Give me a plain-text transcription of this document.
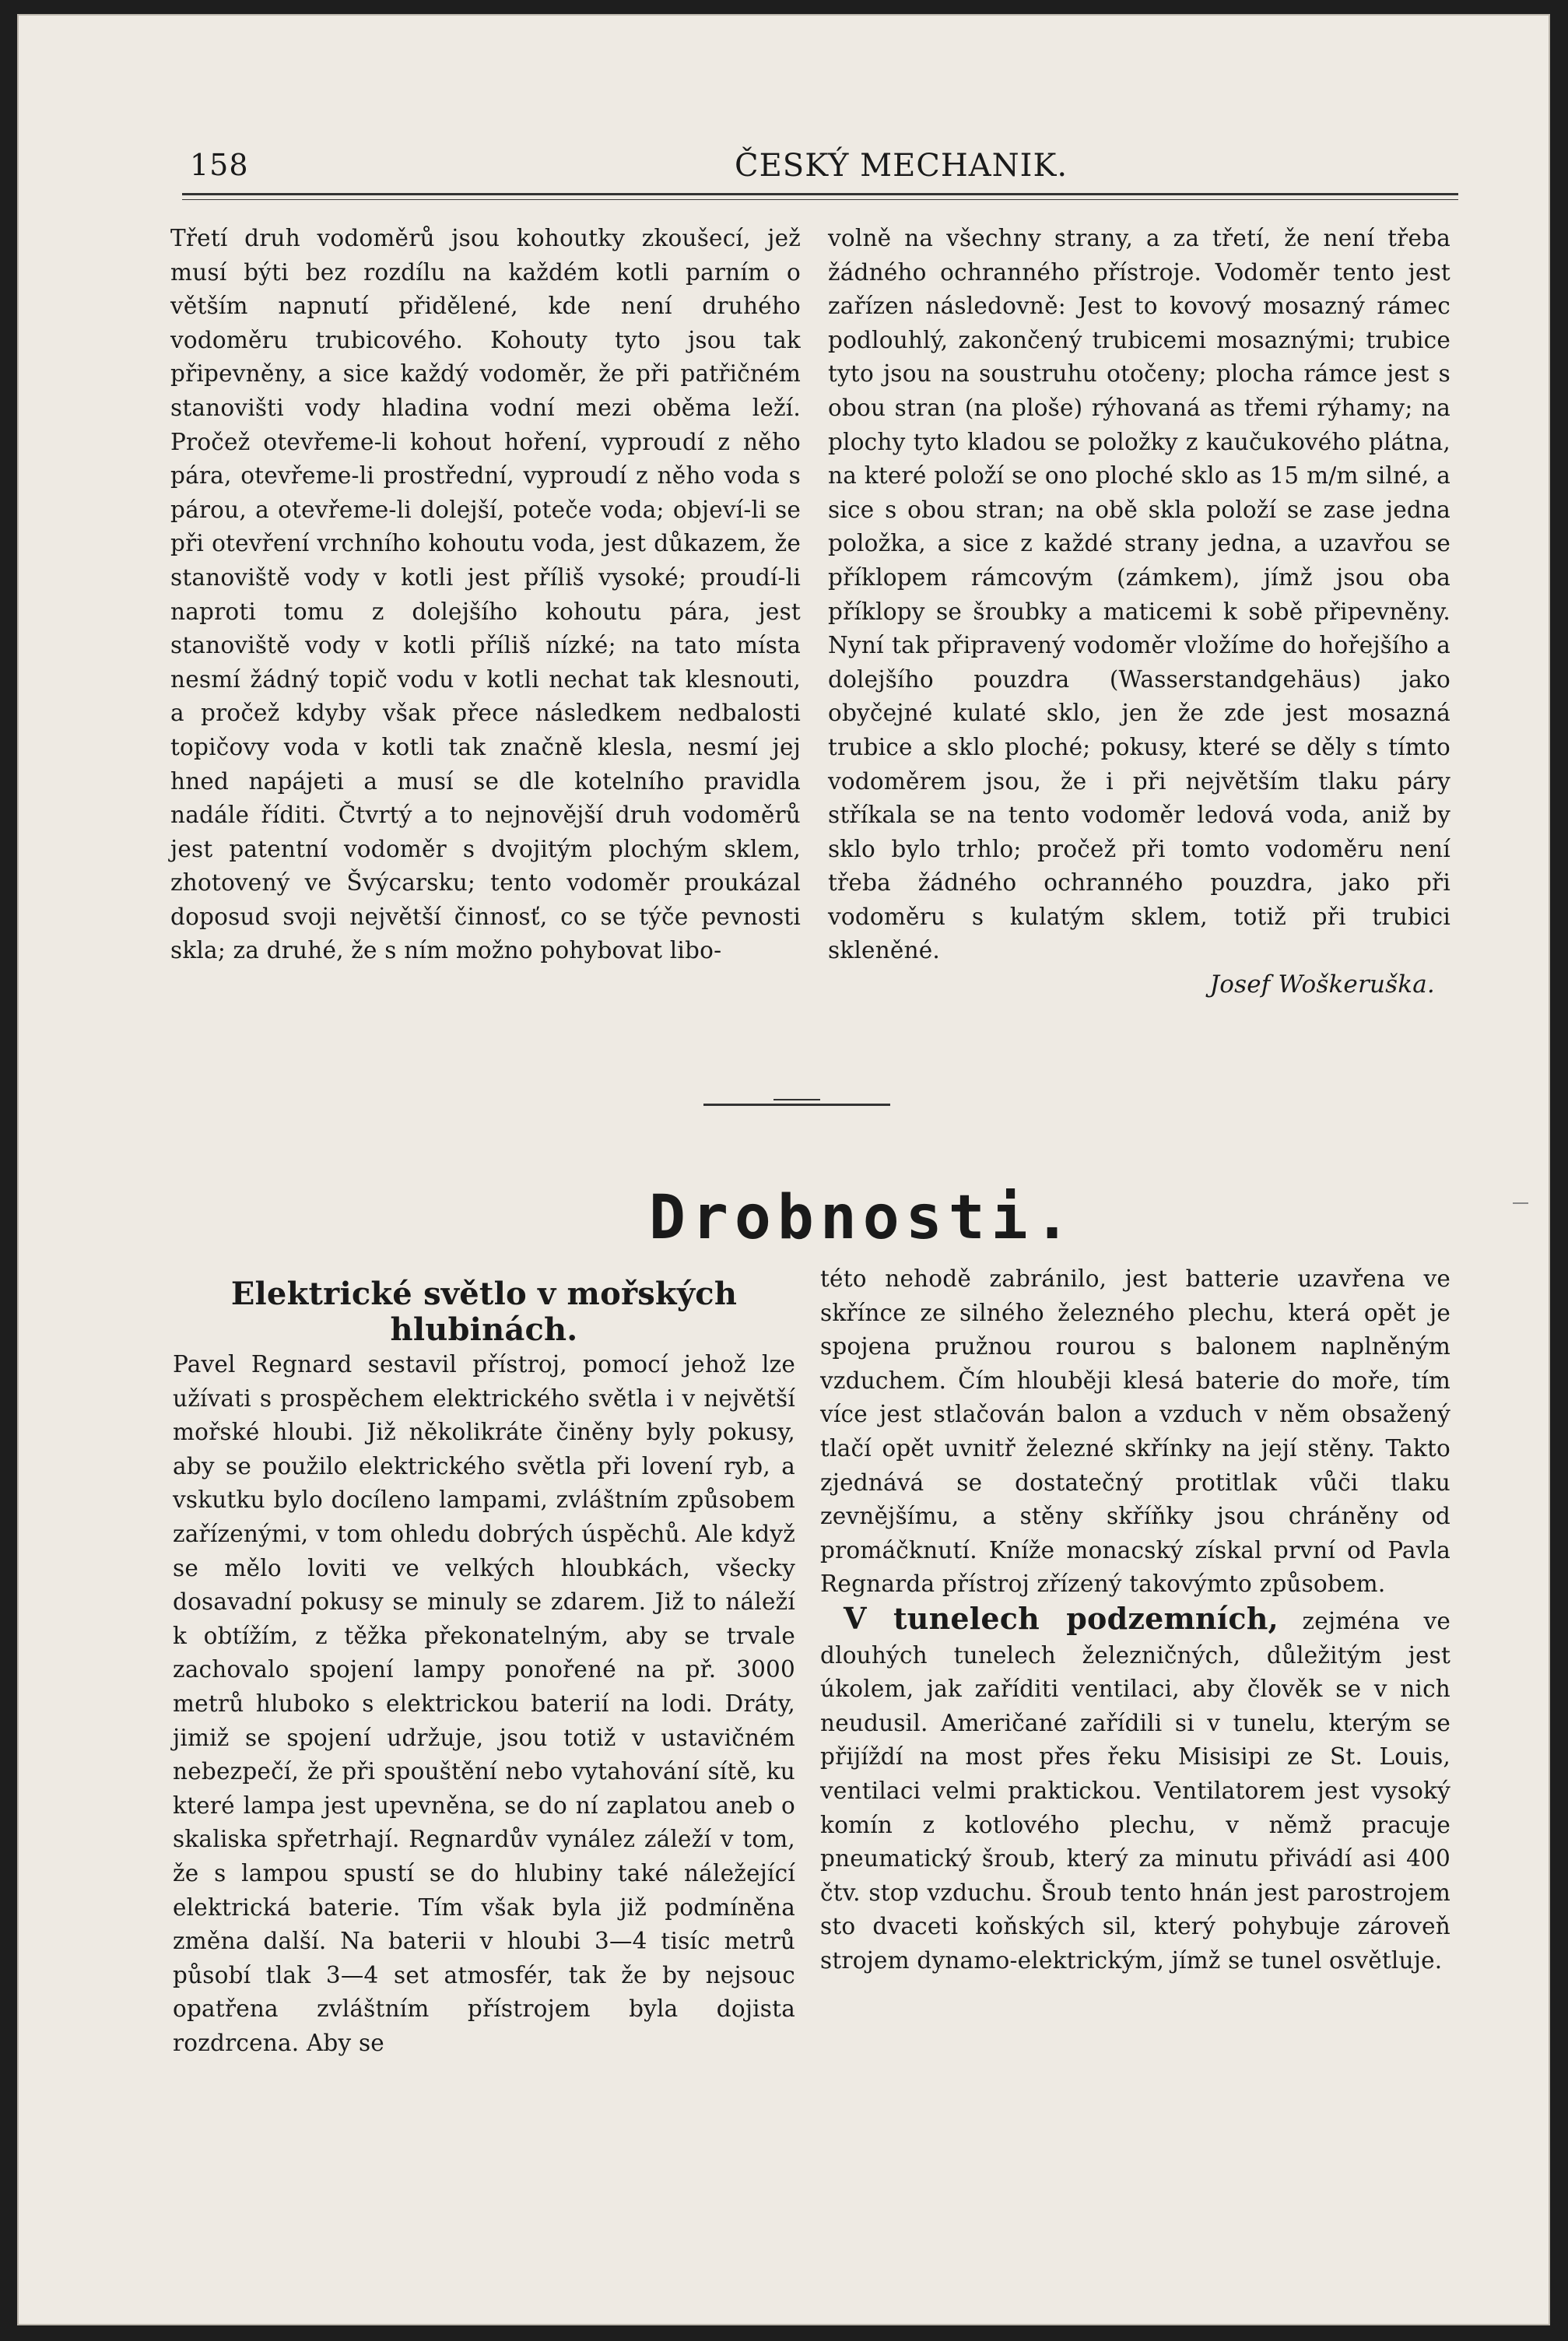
158	ČESKÝ MECHANIK.

Třetí druh vodoměrů jsou kohoutky zkoušecí, jež musí býti bez rozdílu na každém kotli parním o větším napnutí přidělené, kde není druhého vodoměru trubicového. Kohouty tyto jsou tak připevněny, a sice každý vodoměr, že při patřičném stanovišti vody hladina vodní mezi oběma leží. Pročež otevřeme-li kohout hoření, vyproudí z něho pára, otevřeme-li prostřední, vyproudí z něho voda s párou, a otevřeme-li dolejší, poteče voda; objeví-li se při otevření vrchního kohoutu voda, jest důkazem, že stanoviště vody v kotli jest příliš vysoké; proudí-li naproti tomu z dolejšího kohoutu pára, jest stanoviště vody v kotli příliš nízké; na tato místa nesmí žádný topič vodu v kotli nechat tak klesnouti, a pročež kdyby však přece následkem nedbalosti topičovy voda v kotli tak značně klesla, nesmí jej hned napájeti a musí se dle kotelního pravidla nadále říditi. Čtvrtý a to nejnovější druh vodoměrů jest patentní vodoměr s dvojitým plochým sklem, zhotovený ve Švýcarsku; tento vodoměr proukázal doposud svoji největší činnosť, co se týče pevnosti skla; za druhé, že s ním možno pohybovat libo-

volně na všechny strany, a za třetí, že není třeba žádného ochranného přístroje. Vodoměr tento jest zařízen následovně: Jest to kovový mosazný rámec podlouhlý, zakončený trubicemi mosaznými; trubice tyto jsou na soustruhu otočeny; plocha rámce jest s obou stran (na ploše) rýhovaná as třemi rýhamy; na plochy tyto kladou se položky z kaučukového plátna, na které položí se ono ploché sklo as 15 m/m silné, a sice s obou stran; na obě skla položí se zase jedna položka, a sice z každé strany jedna, a uzavřou se příklopem rámcovým (zámkem), jímž jsou oba příklopy se šroubky a maticemi k sobě připevněny. Nyní tak připravený vodoměr vložíme do hořejšího a dolejšího pouzdra (Wasserstandgehäus) jako obyčejné kulaté sklo, jen že zde jest mosazná trubice a sklo ploché; pokusy, které se děly s tímto vodoměrem jsou, že i při největším tlaku páry stříkala se na tento vodoměr ledová voda, aniž by sklo bylo trhlo; pročež při tomto vodoměru není třeba žádného ochranného pouzdra, jako při vodoměru s kulatým sklem, totiž při trubici skleněné.

Josef Woškeruška.

Drobnosti.

Elektrické světlo v mořských hlubinách.
Pavel Regnard sestavil přístroj, pomocí jehož lze užívati s prospěchem elektrického světla i v největší mořské hloubi. Již několikráte činěny byly pokusy, aby se použilo elektrického světla při lovení ryb, a vskutku bylo docíleno lampami, zvláštním způsobem zařízenými, v tom ohledu dobrých úspěchů. Ale když se mělo loviti ve velkých hloubkách, všecky dosavadní pokusy se minuly se zdarem. Již to náleží k obtížím, z těžka překonatelným, aby se trvale zachovalo spojení lampy ponořené na př. 3000 metrů hluboko s elektrickou baterií na lodi. Dráty, jimiž se spojení udržuje, jsou totiž v ustavičném nebezpečí, že při spouštění nebo vytahování sítě, ku které lampa jest upevněna, se do ní zaplatou aneb o skaliska spřetrhají. Regnardův vynález záleží v tom, že s lampou spustí se do hlubiny také náležející elektrická baterie. Tím však byla již podmíněna změna další. Na baterii v hloubi 3—4 tisíc metrů působí tlak 3—4 set atmosfér, tak že by nejsouc opatřena zvláštním přístrojem byla dojista rozdrcena. Aby se

této nehodě zabránilo, jest batterie uzavřena ve skřínce ze silného železného plechu, která opět je spojena pružnou rourou s balonem naplněným vzduchem. Čím hlouběji klesá baterie do moře, tím více jest stlačován balon a vzduch v něm obsažený tlačí opět uvnitř železné skřínky na její stěny. Takto zjednává se dostatečný protitlak vůči tlaku zevnějšímu, a stěny skříňky jsou chráněny od promáčknutí. Kníže monacský získal první od Pavla Regnarda přístroj zřízený takovýmto způsobem.

V tunelech podzemních, zejména ve dlouhých tunelech železničných, důležitým jest úkolem, jak zaříditi ventilaci, aby člověk se v nich neudusil. Američané zařídili si v tunelu, kterým se přijíždí na most přes řeku Misisipi ze St. Louis, ventilaci velmi praktickou. Ventilatorem jest vysoký komín z kotlového plechu, v němž pracuje pneumatický šroub, který za minutu přivádí asi 400 čtv. stop vzduchu. Šroub tento hnán jest parostrojem sto dvaceti koňských sil, který pohybuje zároveň strojem dynamo-elektrickým, jímž se tunel osvětluje.
